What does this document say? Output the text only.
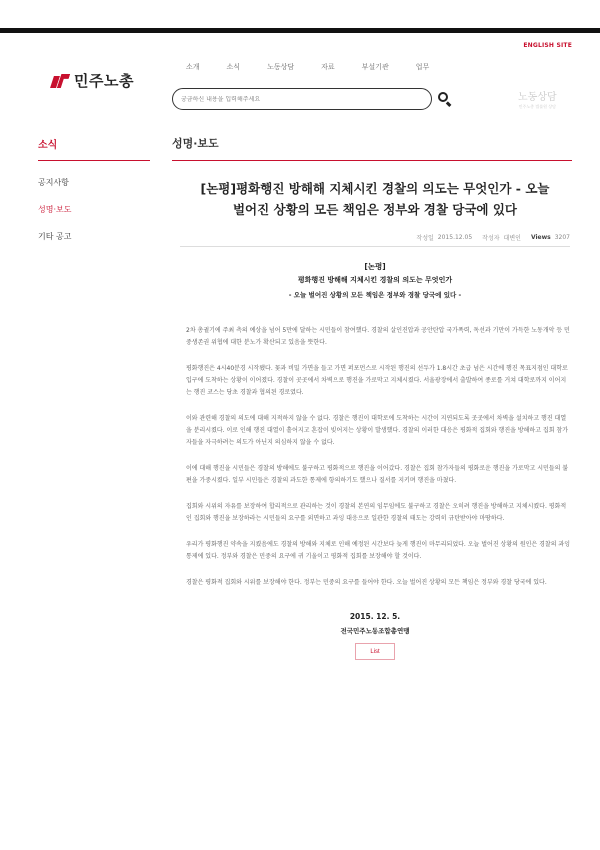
ENGLISH SITE
민주노총
소개	소식	노동상담	자료	부설기관	업무
궁금하신 내용을 입력해주세요
노동상담
민주노총 법률원 상담
소식
공지사항
성명·보도
기타 공고
성명·보도
[논평]평화행진 방해해 지체시킨 경찰의 의도는 무엇인가 - 오늘
벌어진 상황의 모든 책임은 정부와 경찰 당국에 있다
작성일 2015.12.05 작성자 대변인 Views 3207
[논평]
평화행진 방해해 지체시킨 경찰의 의도는 무엇인가
- 오늘 벌어진 상황의 모든 책임은 정부와 경찰 당국에 있다 -

2차 총궐기에 주최 측의 예상을 넘어 5만에 달하는 시민들이 참여했다. 경찰의 살인진압과 공안탄압 국가폭력, 독선과 기만이 가득한 노동개악 등 민중생존권 위협에 대한 분노가 확산되고 있음을 뜻한다.

평화행진은 4시40분경 시작됐다. 꽃과 비밀 가면을 들고 가면 퍼포먼스로 시작된 행진의 선두가 1.8시간 초급 넘은 시간에 행진 목표지점인 대학로 입구에 도착하는 상황이 이어졌다. 경찰이 곳곳에서 차벽으로 행진을 가로막고 지체시켰다. 서울광장에서 출발하여 종로를 거쳐 대학로까지 이어지는 행진 코스는 당초 경찰과 협의된 경로였다.

이와 관련해 경찰의 의도에 대해 지적하지 않을 수 없다. 경찰은 행진이 대학로에 도착하는 시간이 지연되도록 곳곳에서 차벽을 설치하고 행진 대열을 분리시켰다. 이로 인해 행진 대열이 흩어지고 혼잡이 빚어지는 상황이 발생했다. 경찰의 이러한 대응은 평화적 집회와 행진을 방해하고 집회 참가자들을 자극하려는 의도가 아닌지 의심하지 않을 수 없다.

이에 대해 행진을 시민들은 경찰의 방해에도 불구하고 평화적으로 행진을 이어갔다. 경찰은 집회 참가자들의 평화로운 행진을 가로막고 시민들의 불편을 가중시켰다. 일부 시민들은 경찰의 과도한 통제에 항의하기도 했으나 질서를 지키며 행진을 마쳤다.

집회와 시위의 자유를 보장하여 합리적으로 관리하는 것이 경찰의 본연의 임무임에도 불구하고 경찰은 오히려 행진을 방해하고 지체시켰다. 평화적인 집회와 행진을 보장하라는 시민들의 요구를 외면하고 과잉 대응으로 일관한 경찰의 태도는 강력히 규탄받아야 마땅하다.

우리가 평화행진 약속을 지켰음에도 경찰의 방해와 지체로 인해 예정된 시간보다 늦게 행진이 마무리되었다. 오늘 벌어진 상황의 원인은 경찰의 과잉 통제에 있다. 정부와 경찰은 민중의 요구에 귀 기울이고 평화적 집회를 보장해야 할 것이다.

경찰은 평화적 집회와 시위를 보장해야 한다. 정부는 민중의 요구를 들어야 한다. 오늘 벌어진 상황의 모든 책임은 정부와 경찰 당국에 있다.

2015. 12. 5.
전국민주노동조합총연맹
List
